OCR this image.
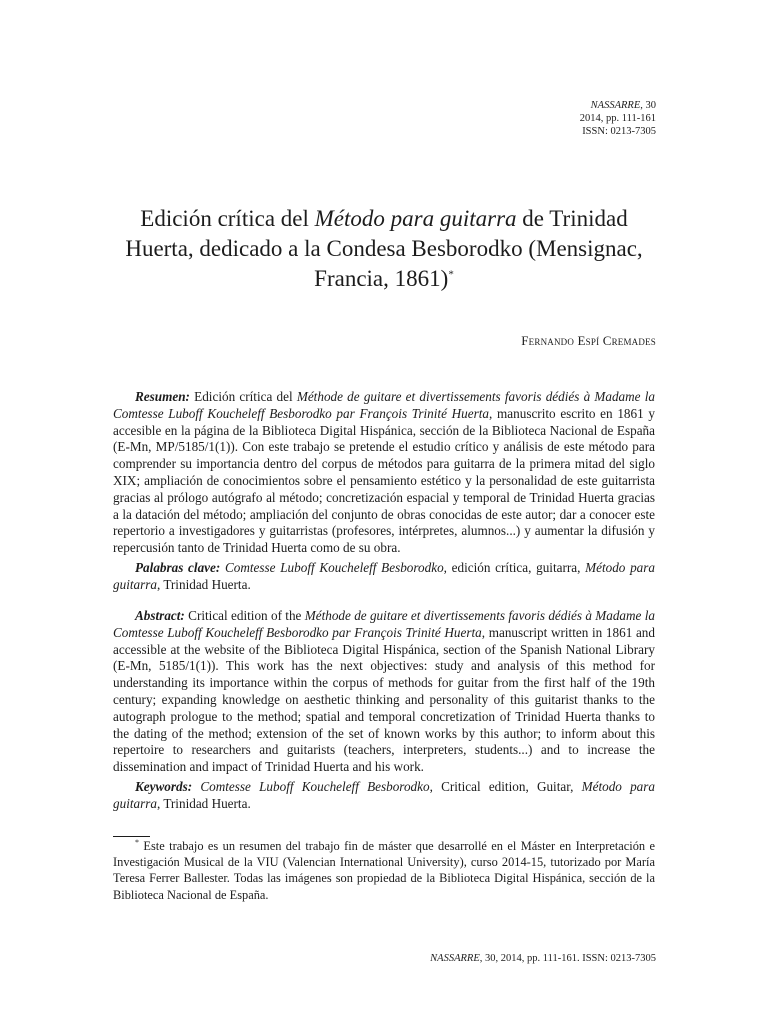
NASSARRE, 30
2014, pp. 111-161
ISSN: 0213-7305
Edición crítica del Método para guitarra de Trinidad Huerta, dedicado a la Condesa Besborodko (Mensignac, Francia, 1861)*
Fernando Espí Cremades

Resumen: Edición crítica del Méthode de guitare et divertissements favoris dédiés à Madame la Comtesse Luboff Koucheleff Besborodko par François Trinité Huerta, manuscrito escrito en 1861 y accesible en la página de la Biblioteca Digital Hispánica, sección de la Biblioteca Nacional de España (E-Mn, MP/5185/1(1)). Con este trabajo se pretende el estudio crítico y análisis de este método para comprender su importancia dentro del corpus de métodos para guitarra de la primera mitad del siglo XIX; ampliación de conocimientos sobre el pensamiento estético y la personalidad de este guitarrista gracias al prólogo autógrafo al método; concretización espacial y temporal de Trinidad Huerta gracias a la datación del método; ampliación del conjunto de obras conocidas de este autor; dar a conocer este repertorio a investigadores y guitarristas (profesores, intérpretes, alumnos...) y aumentar la difusión y repercusión tanto de Trinidad Huerta como de su obra.

Palabras clave: Comtesse Luboff Koucheleff Besborodko, edición crítica, guitarra, Método para guitarra, Trinidad Huerta.

Abstract: Critical edition of the Méthode de guitare et divertissements favoris dédiés à Madame la Comtesse Luboff Koucheleff Besborodko par François Trinité Huerta, manuscript written in 1861 and accessible at the website of the Biblioteca Digital Hispánica, section of the Spanish National Library (E-Mn, 5185/1(1)). This work has the next objectives: study and analysis of this method for understanding its importance within the corpus of methods for guitar from the first half of the 19th century; expanding knowledge on aesthetic thinking and personality of this guitarist thanks to the autograph prologue to the method; spatial and temporal concretization of Trinidad Huerta thanks to the dating of the method; extension of the set of known works by this author; to inform about this repertoire to researchers and guitarists (teachers, interpreters, students...) and to increase the dissemination and impact of Trinidad Huerta and his work.

Keywords: Comtesse Luboff Koucheleff Besborodko, Critical edition, Guitar, Método para guitarra, Trinidad Huerta.

* Este trabajo es un resumen del trabajo fin de máster que desarrollé en el Máster en Interpretación e Investigación Musical de la VIU (Valencian International University), curso 2014-15, tutorizado por María Teresa Ferrer Ballester. Todas las imágenes son propiedad de la Biblioteca Digital Hispánica, sección de la Biblioteca Nacional de España.

NASSARRE, 30, 2014, pp. 111-161. ISSN: 0213-7305
